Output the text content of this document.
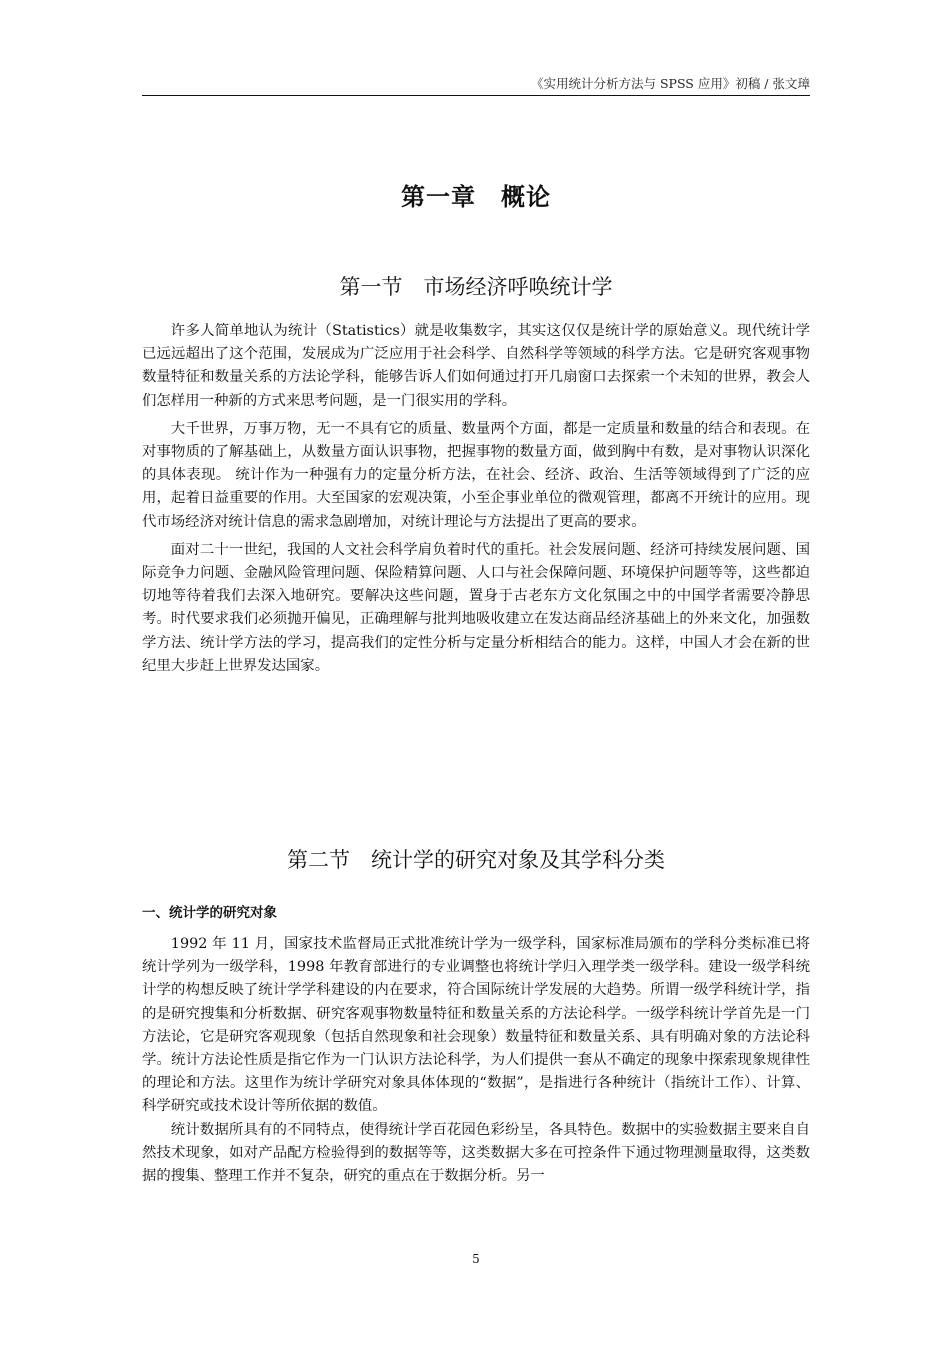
《实用统计分析方法与 SPSS 应用》初稿 / 张文璋
第一章　概论
第一节　市场经济呼唤统计学

许多人简单地认为统计（Statistics）就是收集数字，其实这仅仅是统计学的原始意义。现代统计学已远远超出了这个范围，发展成为广泛应用于社会科学、自然科学等领域的科学方法。它是研究客观事物数量特征和数量关系的方法论学科，能够告诉人们如何通过打开几扇窗口去探索一个未知的世界，教会人们怎样用一种新的方式来思考问题，是一门很实用的学科。

大千世界，万事万物，无一不具有它的质量、数量两个方面，都是一定质量和数量的结合和表现。在对事物质的了解基础上，从数量方面认识事物，把握事物的数量方面，做到胸中有数，是对事物认识深化的具体表现。 统计作为一种强有力的定量分析方法，在社会、经济、政治、生活等领域得到了广泛的应用，起着日益重要的作用。大至国家的宏观决策，小至企事业单位的微观管理，都离不开统计的应用。现代市场经济对统计信息的需求急剧增加，对统计理论与方法提出了更高的要求。

面对二十一世纪，我国的人文社会科学肩负着时代的重托。社会发展问题、经济可持续发展问题、国际竞争力问题、金融风险管理问题、保险精算问题、人口与社会保障问题、环境保护问题等等，这些都迫切地等待着我们去深入地研究。要解决这些问题，置身于古老东方文化氛围之中的中国学者需要冷静思考。时代要求我们必须抛开偏见，正确理解与批判地吸收建立在发达商品经济基础上的外来文化，加强数学方法、统计学方法的学习，提高我们的定性分析与定量分析相结合的能力。这样，中国人才会在新的世纪里大步赶上世界发达国家。

第二节　统计学的研究对象及其学科分类
一、统计学的研究对象

1992 年 11 月，国家技术监督局正式批准统计学为一级学科，国家标准局颁布的学科分类标准已将统计学列为一级学科，1998 年教育部进行的专业调整也将统计学归入理学类一级学科。建设一级学科统计学的构想反映了统计学学科建设的内在要求，符合国际统计学发展的大趋势。所谓一级学科统计学，指的是研究搜集和分析数据、研究客观事物数量特征和数量关系的方法论科学。一级学科统计学首先是一门方法论，它是研究客观现象（包括自然现象和社会现象）数量特征和数量关系、具有明确对象的方法论科学。统计方法论性质是指它作为一门认识方法论科学，为人们提供一套从不确定的现象中探索现象规律性的理论和方法。这里作为统计学研究对象具体体现的“数据”，是指进行各种统计（指统计工作）、计算、科学研究或技术设计等所依据的数值。

统计数据所具有的不同特点，使得统计学百花园色彩纷呈，各具特色。数据中的实验数据主要来自自然技术现象，如对产品配方检验得到的数据等等，这类数据大多在可控条件下通过物理测量取得，这类数据的搜集、整理工作并不复杂，研究的重点在于数据分析。另一

5
